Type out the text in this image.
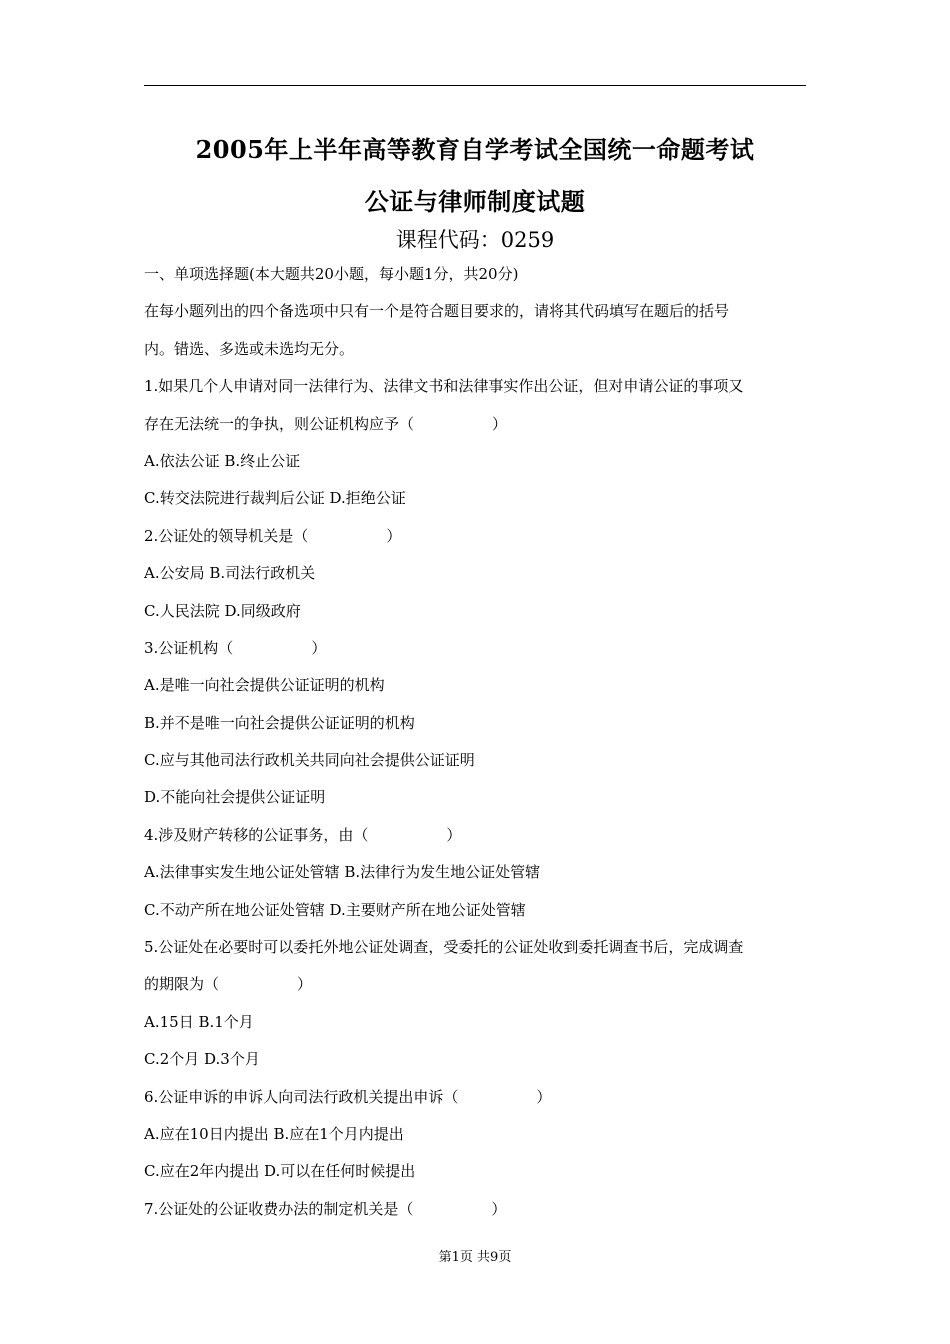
2005年上半年高等教育自学考试全国统一命题考试
公证与律师制度试题
课程代码：0259
一、单项选择题(本大题共20小题，每小题1分，共20分)
在每小题列出的四个备选项中只有一个是符合题目要求的，请将其代码填写在题后的括号
内。错选、多选或未选均无分。
1.如果几个人申请对同一法律行为、法律文书和法律事实作出公证，但对申请公证的事项又
存在无法统一的争执，则公证机构应予（	）
A.依法公证 B.终止公证
C.转交法院进行裁判后公证 D.拒绝公证
2.公证处的领导机关是（	）
A.公安局 B.司法行政机关
C.人民法院 D.同级政府
3.公证机构（	）
A.是唯一向社会提供公证证明的机构
B.并不是唯一向社会提供公证证明的机构
C.应与其他司法行政机关共同向社会提供公证证明
D.不能向社会提供公证证明
4.涉及财产转移的公证事务，由（	）
A.法律事实发生地公证处管辖 B.法律行为发生地公证处管辖
C.不动产所在地公证处管辖 D.主要财产所在地公证处管辖
5.公证处在必要时可以委托外地公证处调查，受委托的公证处收到委托调查书后，完成调查
的期限为（	）
A.15日 B.1个月
C.2个月 D.3个月
6.公证申诉的申诉人向司法行政机关提出申诉（	）
A.应在10日内提出 B.应在1个月内提出
C.应在2年内提出 D.可以在任何时候提出
7.公证处的公证收费办法的制定机关是（	）
第1页 共9页
